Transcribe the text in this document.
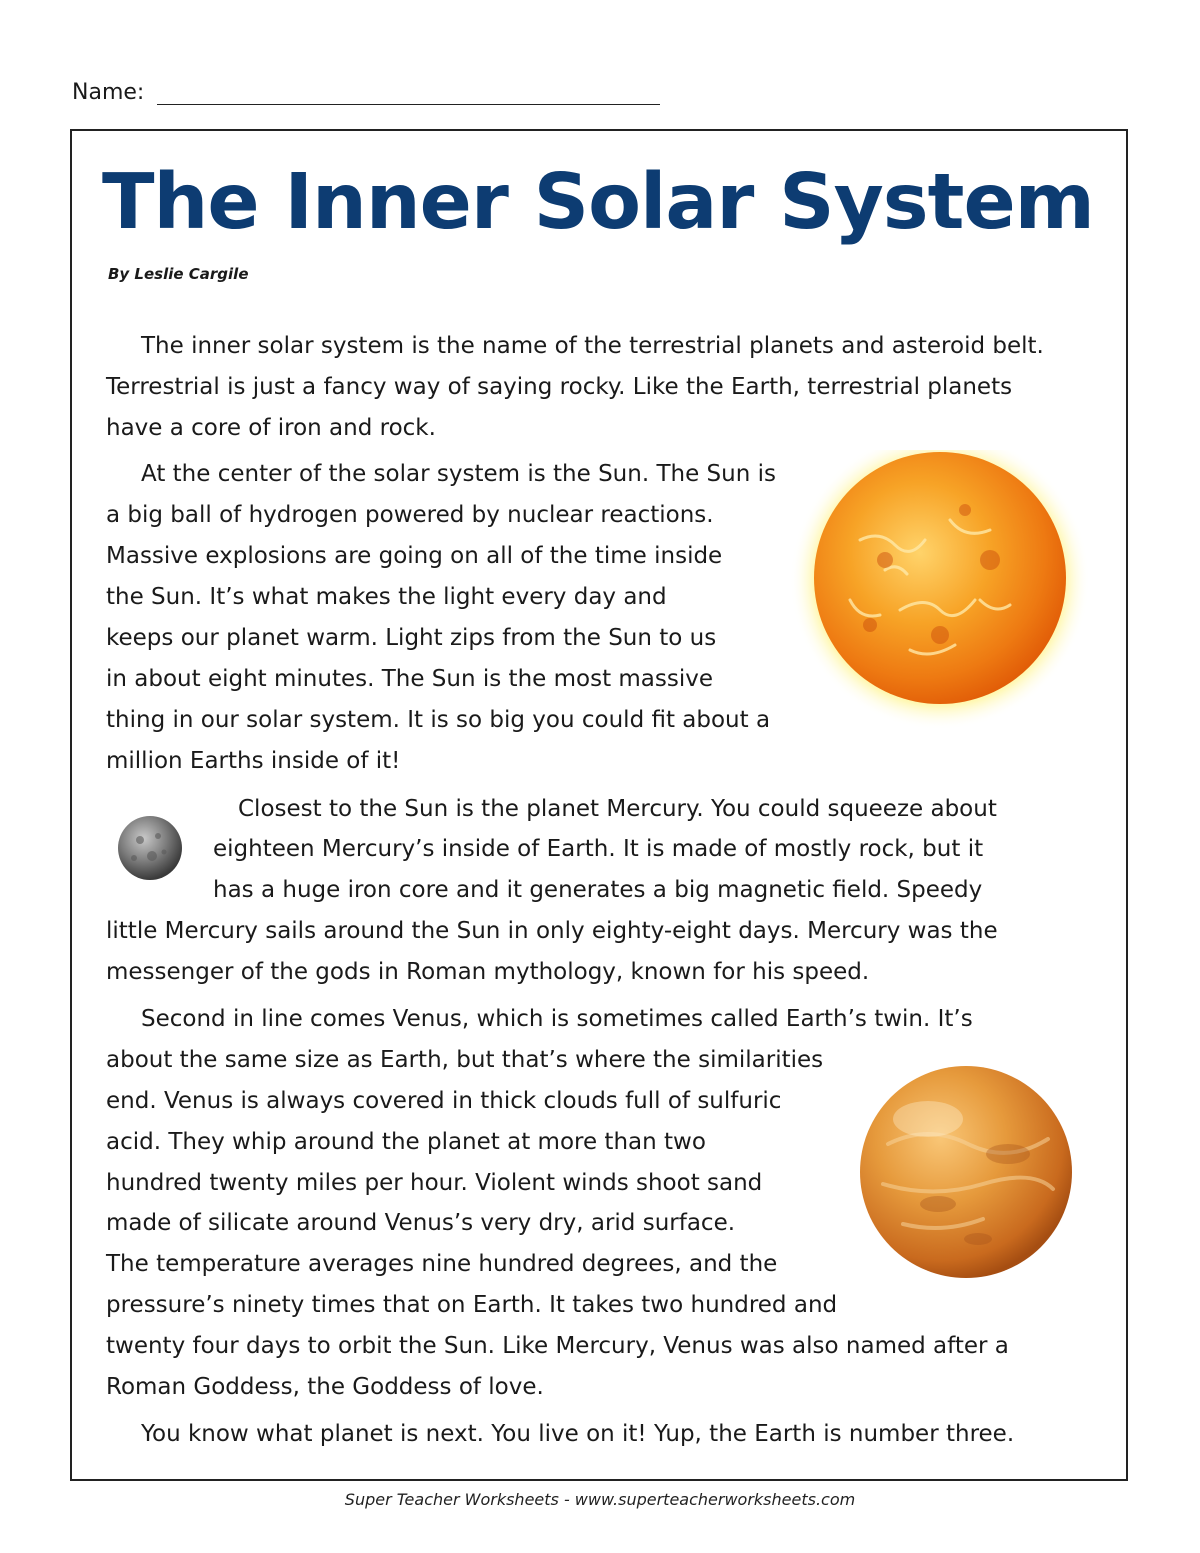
Name:
The Inner Solar System
By Leslie Cargile
The inner solar system is the name of the terrestrial planets and asteroid belt.
Terrestrial is just a fancy way of saying rocky. Like the Earth, terrestrial planets
have a core of iron and rock.
At the center of the solar system is the Sun. The Sun is
a big ball of hydrogen powered by nuclear reactions.
Massive explosions are going on all of the time inside
the Sun. It’s what makes the light every day and
keeps our planet warm. Light zips from the Sun to us
in about eight minutes. The Sun is the most massive
thing in our solar system. It is so big you could fit about a
million Earths inside of it!
Closest to the Sun is the planet Mercury. You could squeeze about
eighteen Mercury’s inside of Earth. It is made of mostly rock, but it
has a huge iron core and it generates a big magnetic field. Speedy
little Mercury sails around the Sun in only eighty-eight days. Mercury was the
messenger of the gods in Roman mythology, known for his speed.
Second in line comes Venus, which is sometimes called Earth’s twin. It’s
about the same size as Earth, but that’s where the similarities
end. Venus is always covered in thick clouds full of sulfuric
acid. They whip around the planet at more than two
hundred twenty miles per hour. Violent winds shoot sand
made of silicate around Venus’s very dry, arid surface.
The temperature averages nine hundred degrees, and the
pressure’s ninety times that on Earth. It takes two hundred and
twenty four days to orbit the Sun. Like Mercury, Venus was also named after a
Roman Goddess, the Goddess of love.
You know what planet is next. You live on it! Yup, the Earth is number three.
Super Teacher Worksheets - www.superteacherworksheets.com
